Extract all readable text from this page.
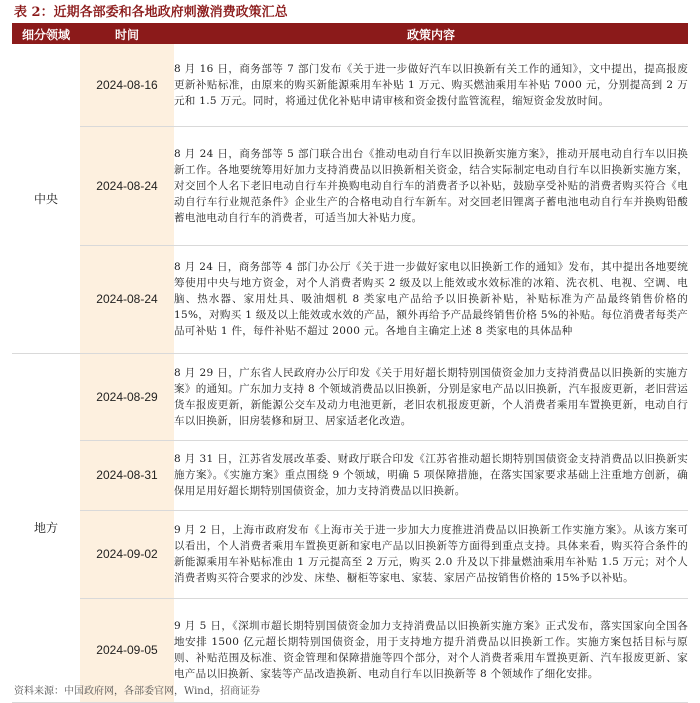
表 2：近期各部委和各地政府刺激消费政策汇总
细分领域	时间	政策内容
中央	2024-08-16	8 月 16 日，商务部等 7 部门发布《关于进一步做好汽车以旧换新有关工作的通知》，文中提出，提高报废更新补贴标准，由原来的购买新能源乘用车补贴 1 万元、购买燃油乘用车补贴 7000 元，分别提高到 2 万元和 1.5 万元。同时，将通过优化补贴申请审核和资金拨付监管流程，缩短资金发放时间。
	2024-08-24	8 月 24 日，商务部等 5 部门联合出台《推动电动自行车以旧换新实施方案》，推动开展电动自行车以旧换新工作。各地要统筹用好加力支持消费品以旧换新相关资金，结合实际制定电动自行车以旧换新实施方案，对交回个人名下老旧电动自行车并换购电动自行车的消费者予以补贴，鼓励享受补贴的消费者购买符合《电动自行车行业规范条件》企业生产的合格电动自行车新车。对交回老旧锂离子蓄电池电动自行车并换购铅酸蓄电池电动自行车的消费者，可适当加大补贴力度。
	2024-08-24	8 月 24 日，商务部等 4 部门办公厅《关于进一步做好家电以旧换新工作的通知》发布，其中提出各地要统筹使用中央与地方资金，对个人消费者购买 2 级及以上能效或水效标准的冰箱、洗衣机、电视、空调、电脑、热水器、家用灶具、吸油烟机 8 类家电产品给予以旧换新补贴，补贴标准为产品最终销售价格的 15%，对购买 1 级及以上能效或水效的产品，额外再给予产品最终销售价格 5%的补贴。每位消费者每类产品可补贴 1 件，每件补贴不超过 2000 元。各地自主确定上述 8 类家电的具体品种
地方	2024-08-29	8 月 29 日，广东省人民政府办公厅印发《关于用好超长期特别国债资金加力支持消费品以旧换新的实施方案》的通知。广东加力支持 8 个领域消费品以旧换新，分别是家电产品以旧换新，汽车报废更新，老旧营运货车报废更新，新能源公交车及动力电池更新，老旧农机报废更新，个人消费者乘用车置换更新，电动自行车以旧换新，旧房装修和厨卫、居家适老化改造。
	2024-08-31	8 月 31 日，江苏省发展改革委、财政厅联合印发《江苏省推动超长期特别国债资金支持消费品以旧换新实施方案》。《实施方案》重点围绕 9 个领域，明确 5 项保障措施，在落实国家要求基础上注重地方创新，确保用足用好超长期特别国债资金，加力支持消费品以旧换新。
	2024-09-02	9 月 2 日，上海市政府发布《上海市关于进一步加大力度推进消费品以旧换新工作实施方案》。从该方案可以看出，个人消费者乘用车置换更新和家电产品以旧换新等方面得到重点支持。具体来看，购买符合条件的新能源乘用车补贴标准由 1 万元提高至 2 万元，购买 2.0 升及以下排量燃油乘用车补贴 1.5 万元；对个人消费者购买符合要求的沙发、床垫、橱柜等家电、家装、家居产品按销售价格的 15%予以补贴。
	2024-09-05	9 月 5 日，《深圳市超长期特别国债资金加力支持消费品以旧换新实施方案》正式发布，落实国家向全国各地安排 1500 亿元超长期特别国债资金，用于支持地方提升消费品以旧换新工作。实施方案包括目标与原则、补贴范围及标准、资金管理和保障措施等四个部分，对个人消费者乘用车置换更新、汽车报废更新、家电产品以旧换新、家装等产品改造换新、电动自行车以旧换新等 8 个领域作了细化安排。
资料来源：中国政府网，各部委官网，Wind，招商证券
